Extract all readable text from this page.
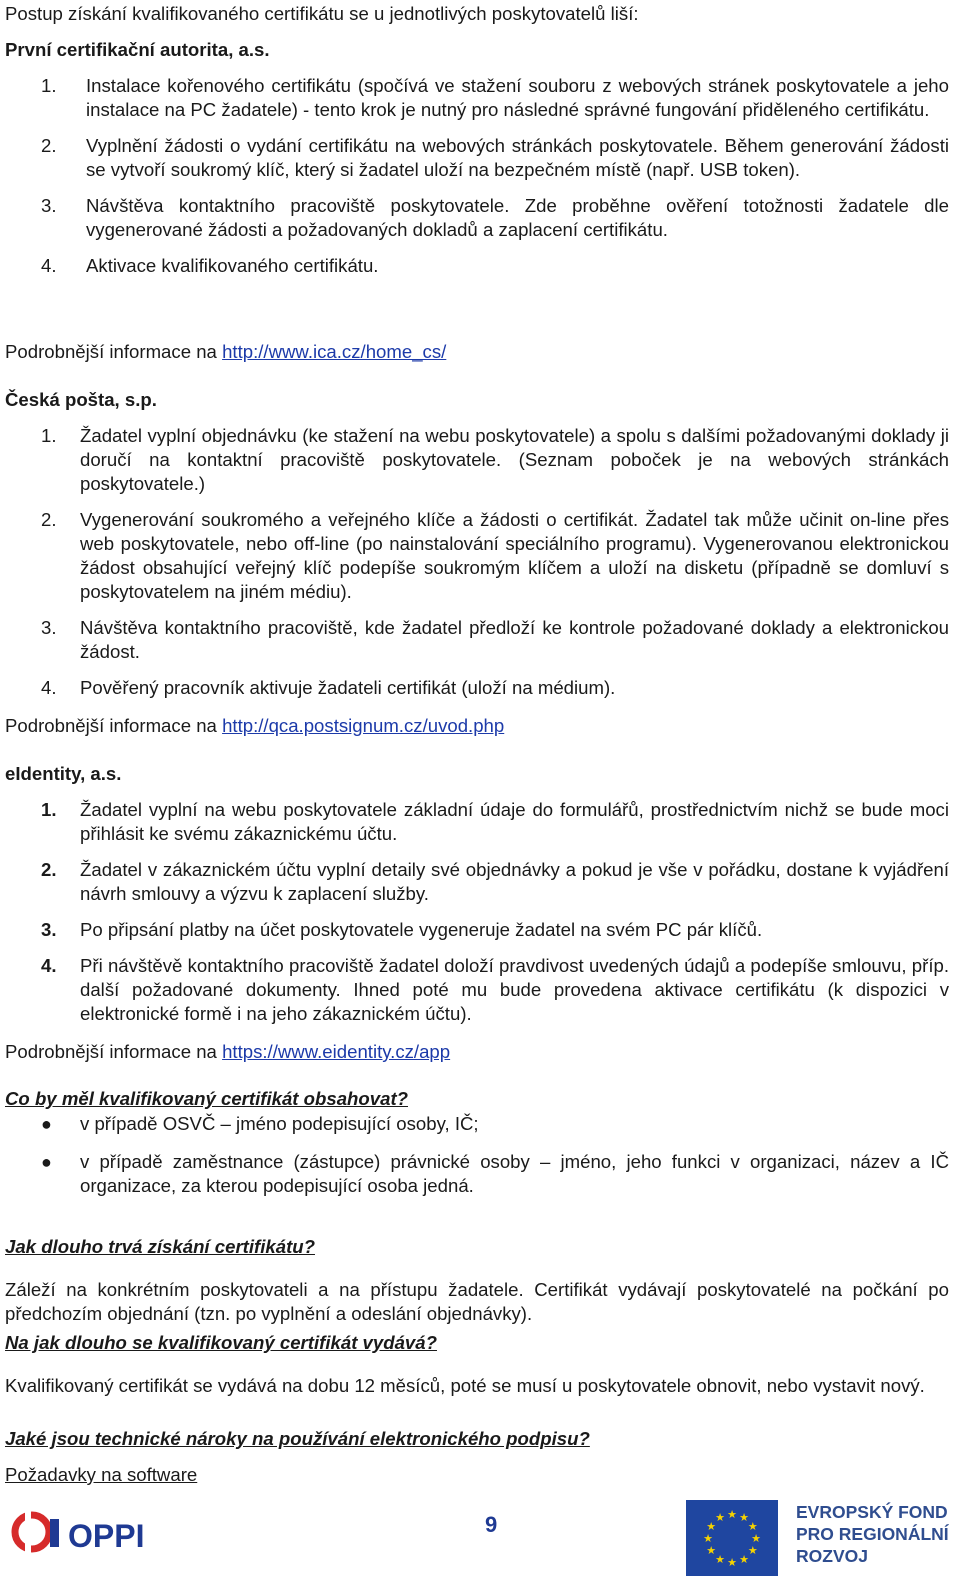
Postup získání kvalifikovaného certifikátu se u jednotlivých poskytovatelů liší:

První certifikační autorita, a.s.
1. Instalace kořenového certifikátu (spočívá ve stažení souboru z webových stránek poskytovatele a jeho instalace na PC žadatele) - tento krok je nutný pro následné správné fungování přiděleného certifikátu.
2. Vyplnění žádosti o vydání certifikátu na webových stránkách poskytovatele. Během generování žádosti se vytvoří soukromý klíč, který si žadatel uloží na bezpečném místě (např. USB token).
3. Návštěva kontaktního pracoviště poskytovatele. Zde proběhne ověření totožnosti žadatele dle vygenerované žádosti a požadovaných dokladů a zaplacení certifikátu.
4. Aktivace kvalifikovaného certifikátu.
Podrobnější informace na http://www.ica.cz/home_cs/
Česká pošta, s.p.
1. Žadatel vyplní objednávku (ke stažení na webu poskytovatele) a spolu s dalšími požadovanými doklady ji doručí na kontaktní pracoviště poskytovatele. (Seznam poboček je na webových stránkách poskytovatele.)
2. Vygenerování soukromého a veřejného klíče a žádosti o certifikát. Žadatel tak může učinit on-line přes web poskytovatele, nebo off-line (po nainstalování speciálního programu). Vygenerovanou elektronickou žádost obsahující veřejný klíč podepíše soukromým klíčem a uloží na disketu (případně se domluví s poskytovatelem na jiném médiu).
3. Návštěva kontaktního pracoviště, kde žadatel předloží ke kontrole požadované doklady a elektronickou žádost.
4. Pověřený pracovník aktivuje žadateli certifikát (uloží na médium).
Podrobnější informace na http://qca.postsignum.cz/uvod.php
eIdentity, a.s.
1. Žadatel vyplní na webu poskytovatele základní údaje do formulářů, prostřednictvím nichž se bude moci přihlásit ke svému zákaznickému účtu.
2. Žadatel v zákaznickém účtu vyplní detaily své objednávky a pokud je vše v pořádku, dostane k vyjádření návrh smlouvy a výzvu k zaplacení služby.
3. Po připsání platby na účet poskytovatele vygeneruje žadatel na svém PC pár klíčů.
4. Při návštěvě kontaktního pracoviště žadatel doloží pravdivost uvedených údajů a podepíše smlouvu, příp. další požadované dokumenty. Ihned poté mu bude provedena aktivace certifikátu (k dispozici v elektronické formě i na jeho zákaznickém účtu).
Podrobnější informace na https://www.eidentity.cz/app
Co by měl kvalifikovaný certifikát obsahovat?
● v případě OSVČ – jméno podepisující osoby, IČ;
● v případě zaměstnance (zástupce) právnické osoby – jméno, jeho funkci v organizaci, název a IČ organizace, za kterou podepisující osoba jedná.
Jak dlouho trvá získání certifikátu?

Záleží na konkrétním poskytovateli a na přístupu žadatele. Certifikát vydávají poskytovatelé na počkání po předchozím objednání (tzn. po vyplnění a odeslání objednávky).

Na jak dlouho se kvalifikovaný certifikát vydává?

Kvalifikovaný certifikát se vydává na dobu 12 měsíců, poté se musí u poskytovatele obnovit, nebo vystavit nový.

Jaké jsou technické nároky na používání elektronického podpisu?
Požadavky na software
OPPI	9
★
★
★
★
★
★
★
★
★ ★ ★
★
EVROPSKÝ FOND
PRO REGIONÁLNÍ
ROZVOJ
